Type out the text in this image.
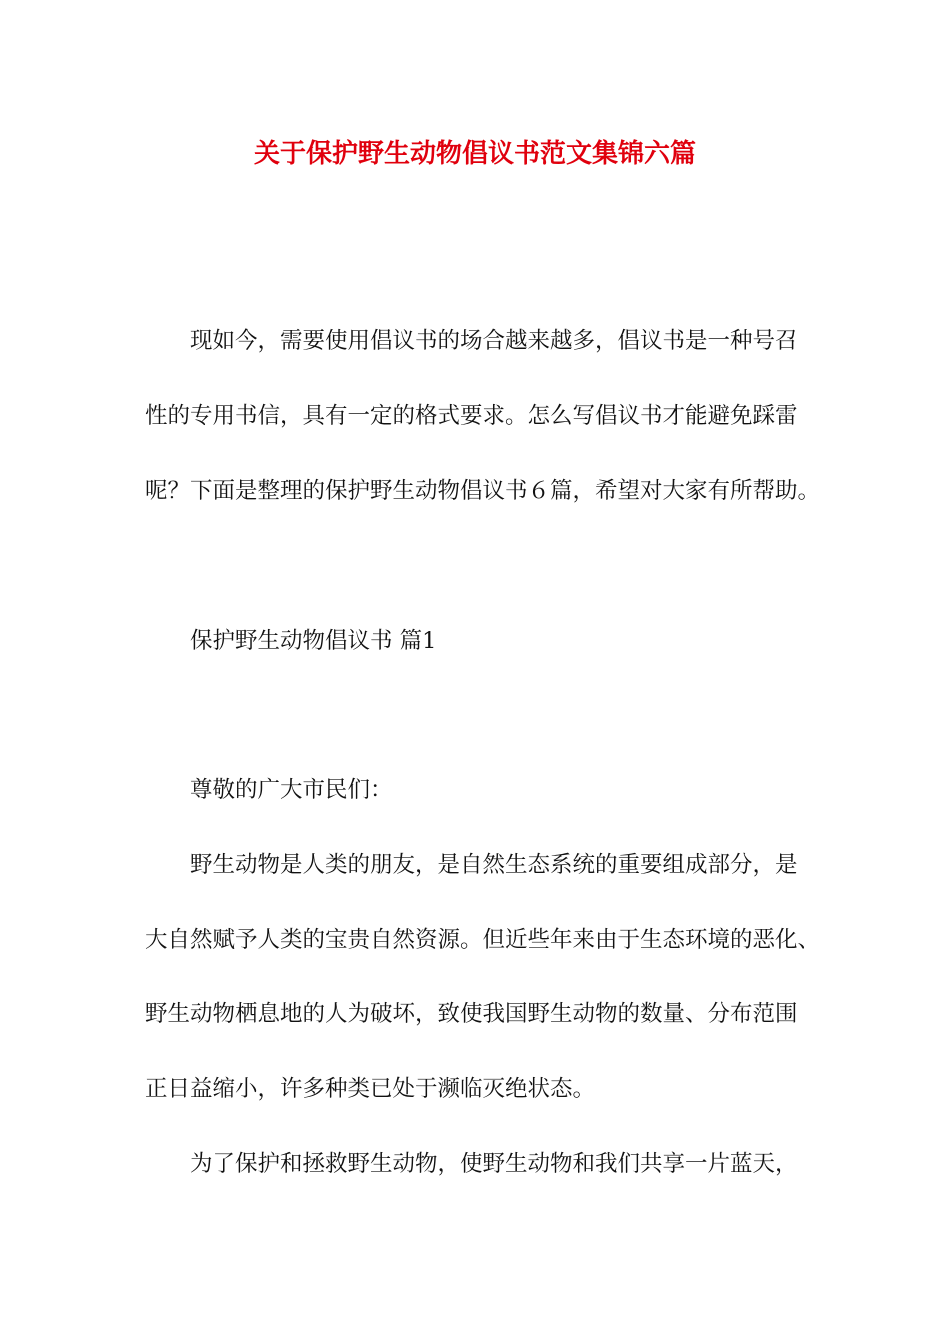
关于保护野生动物倡议书范文集锦六篇
现如今，需要使用倡议书的场合越来越多，倡议书是一种号召
性的专用书信，具有一定的格式要求。怎么写倡议书才能避免踩雷
呢？下面是整理的保护野生动物倡议书６篇，希望对大家有所帮助。
保护野生动物倡议书 篇1
尊敬的广大市民们：
野生动物是人类的朋友，是自然生态系统的重要组成部分，是
大自然赋予人类的宝贵自然资源。但近些年来由于生态环境的恶化、
野生动物栖息地的人为破坏，致使我国野生动物的数量、分布范围
正日益缩小，许多种类已处于濒临灭绝状态。
为了保护和拯救野生动物，使野生动物和我们共享一片蓝天，
